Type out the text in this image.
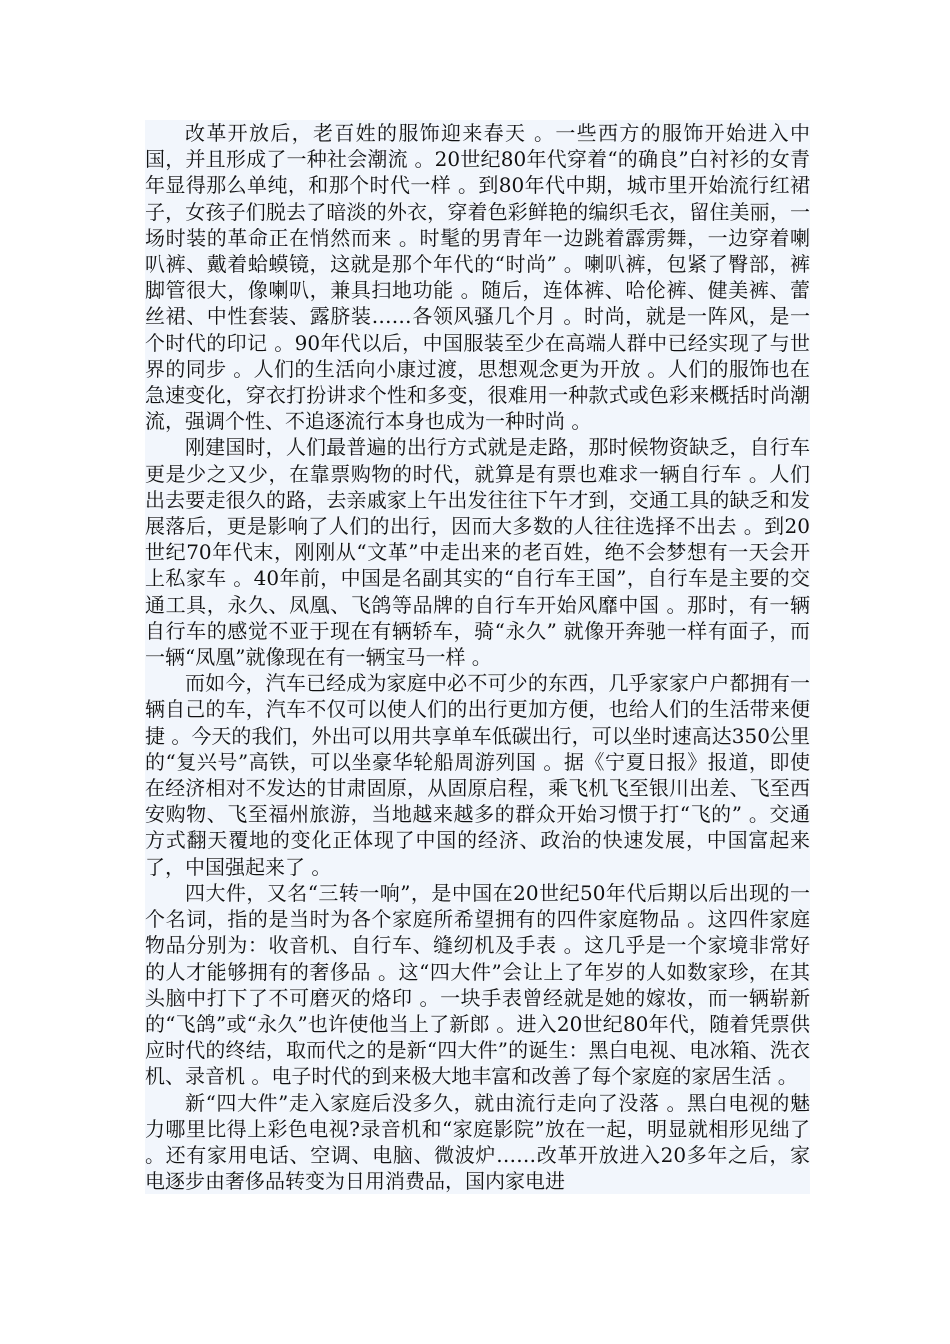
改革开放后，老百姓的服饰迎来春天 。一些西方的服饰开始进入中国，并且形成了一种社会潮流 。20世纪80年代穿着“的确良”白衬衫的女青年显得那么单纯，和那个时代一样 。到80年代中期，城市里开始流行红裙子，女孩子们脱去了暗淡的外衣，穿着色彩鲜艳的编织毛衣，留住美丽，一场时装的革命正在悄然而来 。时髦的男青年一边跳着霹雳舞，一边穿着喇叭裤、戴着蛤蟆镜，这就是那个年代的“时尚” 。喇叭裤，包紧了臀部，裤脚管很大，像喇叭，兼具扫地功能 。随后，连体裤、哈伦裤、健美裤、蕾丝裙、中性套装、露脐装……各领风骚几个月 。时尚，就是一阵风，是一个时代的印记 。90年代以后，中国服装至少在高端人群中已经实现了与世界的同步 。人们的生活向小康过渡，思想观念更为开放 。人们的服饰也在急速变化，穿衣打扮讲求个性和多变，很难用一种款式或色彩来概括时尚潮流，强调个性、不追逐流行本身也成为一种时尚 。

刚建国时，人们最普遍的出行方式就是走路，那时候物资缺乏，自行车更是少之又少，在靠票购物的时代，就算是有票也难求一辆自行车 。人们出去要走很久的路，去亲戚家上午出发往往下午才到，交通工具的缺乏和发展落后，更是影响了人们的出行，因而大多数的人往往选择不出去 。到20世纪70年代末，刚刚从“文革”中走出来的老百姓，绝不会梦想有一天会开上私家车 。40年前，中国是名副其实的“自行车王国”，自行车是主要的交通工具，永久、凤凰、飞鸽等品牌的自行车开始风靡中国 。那时，有一辆自行车的感觉不亚于现在有辆轿车，骑“永久” 就像开奔驰一样有面子，而一辆“凤凰”就像现在有一辆宝马一样 。

而如今，汽车已经成为家庭中必不可少的东西，几乎家家户户都拥有一辆自己的车，汽车不仅可以使人们的出行更加方便，也给人们的生活带来便捷 。今天的我们，外出可以用共享单车低碳出行，可以坐时速高达350公里的“复兴号”高铁，可以坐豪华轮船周游列国 。据《宁夏日报》报道，即使在经济相对不发达的甘肃固原，从固原启程，乘飞机飞至银川出差、飞至西安购物、飞至福州旅游，当地越来越多的群众开始习惯于打“飞的” 。交通方式翻天覆地的变化正体现了中国的经济、政治的快速发展，中国富起来了，中国强起来了 。

四大件，又名“三转一响”，是中国在20世纪50年代后期以后出现的一个名词，指的是当时为各个家庭所希望拥有的四件家庭物品 。这四件家庭物品分别为：收音机、自行车、缝纫机及手表 。这几乎是一个家境非常好的人才能够拥有的奢侈品 。这“四大件”会让上了年岁的人如数家珍，在其头脑中打下了不可磨灭的烙印 。一块手表曾经就是她的嫁妆，而一辆崭新的“飞鸽”或“永久”也许使他当上了新郎 。进入20世纪80年代，随着凭票供应时代的终结，取而代之的是新“四大件”的诞生：黑白电视、电冰箱、洗衣机、录音机 。电子时代的到来极大地丰富和改善了每个家庭的家居生活 。

新“四大件”走入家庭后没多久，就由流行走向了没落 。黑白电视的魅力哪里比得上彩色电视?录音机和“家庭影院”放在一起，明显就相形见绌了 。还有家用电话、空调、电脑、微波炉……改革开放进入20多年之后，家电逐步由奢侈品转变为日用消费品，国内家电进
